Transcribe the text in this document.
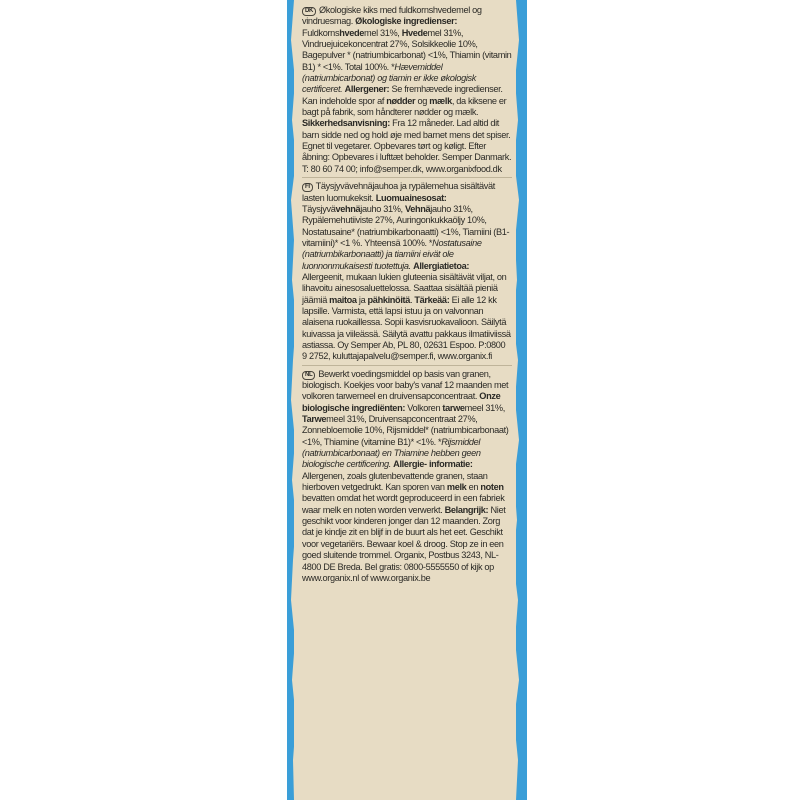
DK Økologiske kiks med fuldkornshvedemel og vindruesmag. Økologiske ingredienser: Fuldkornshvedemel 31%, Hvedemel 31%, Vindruejuicekoncentrat 27%, Solsikkeolie 10%, Bagepulver * (natriumbicarbonat) <1%, Thiamin (vitamin B1) * <1%. Total 100%. *Hævemiddel (natriumbicarbonat) og tiamin er ikke økologisk certificeret. Allergener: Se fremhævede ingredienser. Kan indeholde spor af nødder og mælk, da kiksene er bagt på fabrik, som håndterer nødder og mælk. Sikkerhedsanvisning: Fra 12 måneder. Lad altid dit barn sidde ned og hold øje med barnet mens det spiser. Egnet til vegetarer. Opbevares tørt og køligt. Efter åbning: Opbevares i lufttæt beholder. Semper Danmark. T: 80 60 74 00; info@semper.dk, www.organixfood.dk

FI Täysjyvävehnäjauhoa ja rypälemehua sisältävät lasten luomukeksit. Luomuainesosat: Täysjyvävehnäjauho 31%, Vehnäjauho 31%, Rypälemehutiiviste 27%, Auringonkukkaöljy 10%, Nostatusaine* (natriumbikarbonaatti) <1%, Tiamiini (B1-vitamiini)* <1 %. Yhteensä 100%. *Nostatusaine (natriumbikarbonaatti) ja tiamiini eivät ole luonnonmukaisesti tuotettuja. Allergiatietoa: Allergeenit, mukaan lukien gluteenia sisältävät viljat, on lihavoitu ainesosaluettelossa. Saattaa sisältää pieniä jäämiä maitoa ja pähkinöitä. Tärkeää: Ei alle 12 kk lapsille. Varmista, että lapsi istuu ja on valvonnan alaisena ruokaillessa. Sopii kasvisruokavalioon. Säilytä kuivassa ja viileässä. Säilytä avattu pakkaus ilmatiiviissä astiassa. Oy Semper Ab, PL 80, 02631 Espoo. P:0800 9 2752, kuluttajapalvelu@semper.fi, www.organix.fi

NL Bewerkt voedingsmiddel op basis van granen, biologisch. Koekjes voor baby's vanaf 12 maanden met volkoren tarwemeel en druivensapconcentraat. Onze biologische ingrediënten: Volkoren tarwemeel 31%, Tarwemeel 31%, Druivensapconcentraat 27%, Zonnebloemolie 10%, Rijsmiddel* (natriumbicarbonaat) <1%, Thiamine (vitamine B1)* <1%. *Rijsmiddel (natriumbicarbonaat) en Thiamine hebben geen biologische certificering. Allergie- informatie: Allergenen, zoals glutenbevattende granen, staan hierboven vetgedrukt. Kan sporen van melk en noten bevatten omdat het wordt geproduceerd in een fabriek waar melk en noten worden verwerkt. Belangrijk: Niet geschikt voor kinderen jonger dan 12 maanden. Zorg dat je kindje zit en blijf in de buurt als het eet. Geschikt voor vegetariërs. Bewaar koel & droog. Stop ze in een goed sluitende trommel. Organix, Postbus 3243, NL-4800 DE Breda. Bel gratis: 0800-5555550 of kijk op www.organix.nl of www.organix.be
